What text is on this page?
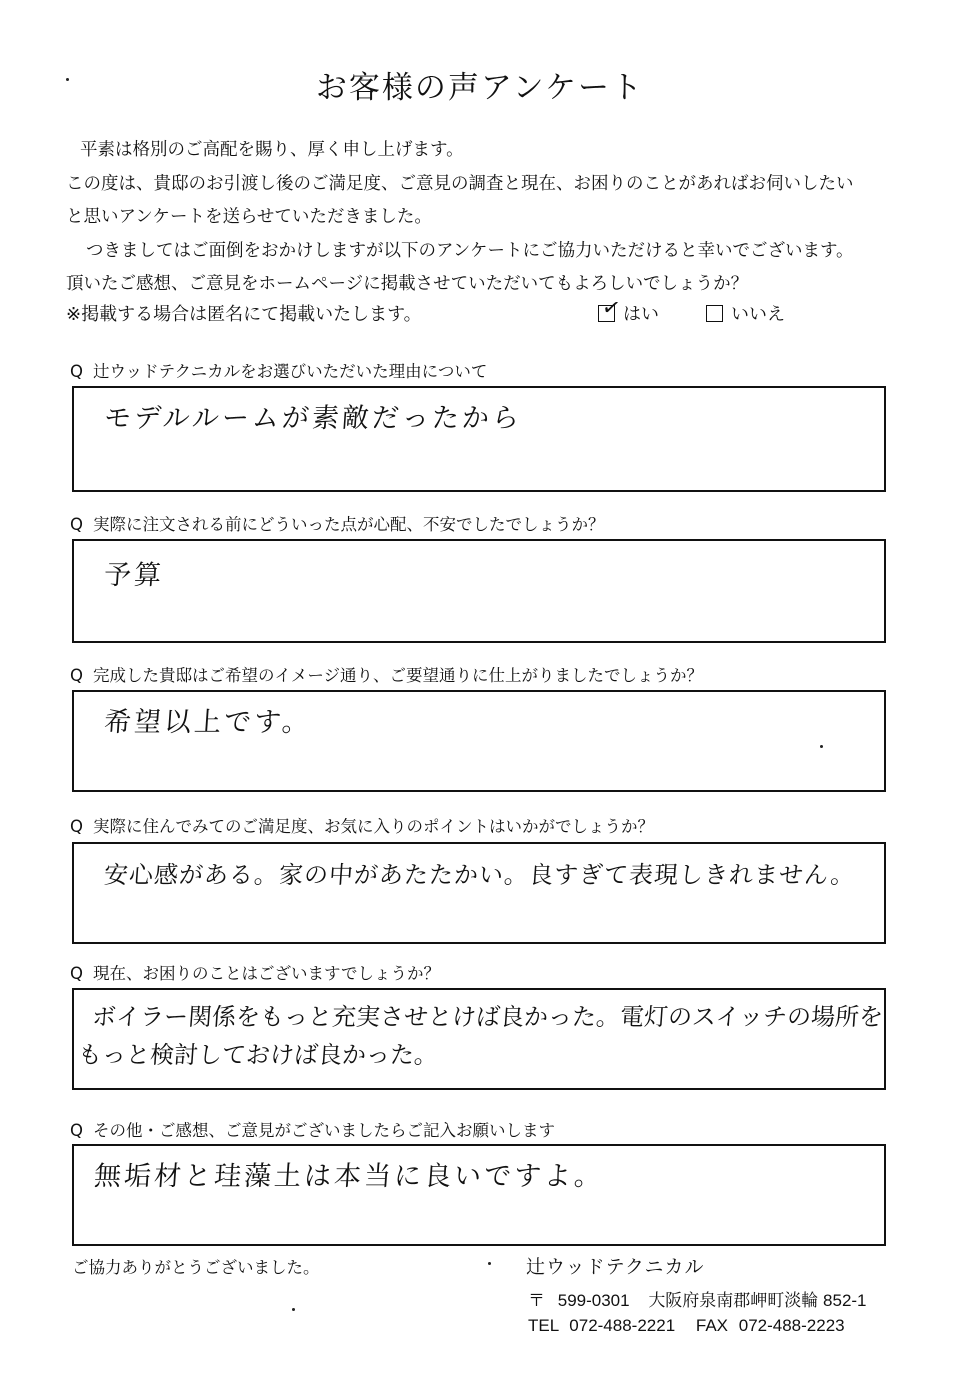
お客様の声アンケート
平素は格別のご高配を賜り、厚く申し上げます。
この度は、貴邸のお引渡し後のご満足度、ご意見の調査と現在、お困りのことがあればお伺いしたい
と思いアンケートを送らせていただきました。
つきましてはご面倒をおかけしますが以下のアンケートにご協力いただけると幸いでございます。
頂いたご感想、ご意見をホームページに掲載させていただいてもよろしいでしょうか？
※掲載する場合は匿名にて掲載いたします。	✓ はい	いいえ
Q 辻ウッドテクニカルをお選びいただいた理由について
モデルルームが素敵だったから
Q 実際に注文される前にどういった点が心配、不安でしたでしょうか？
予算
Q 完成した貴邸はご希望のイメージ通り、ご要望通りに仕上がりましたでしょうか？
希望以上です。
Q 実際に住んでみてのご満足度、お気に入りのポイントはいかがでしょうか？
安心感がある。家の中があたたかい。良すぎて表現しきれません。
Q 現在、お困りのことはございますでしょうか？
ボイラー関係をもっと充実させとけば良かった。電灯のスイッチの場所を
もっと検討しておけば良かった。
Q その他・ご感想、ご意見がございましたらご記入お願いします
無垢材と珪藻土は本当に良いですよ。
ご協力ありがとうございました。	辻ウッドテクニカル
〒 599-0301 大阪府泉南郡岬町淡輪 852-1
TEL 072-488-2221 FAX 072-488-2223
